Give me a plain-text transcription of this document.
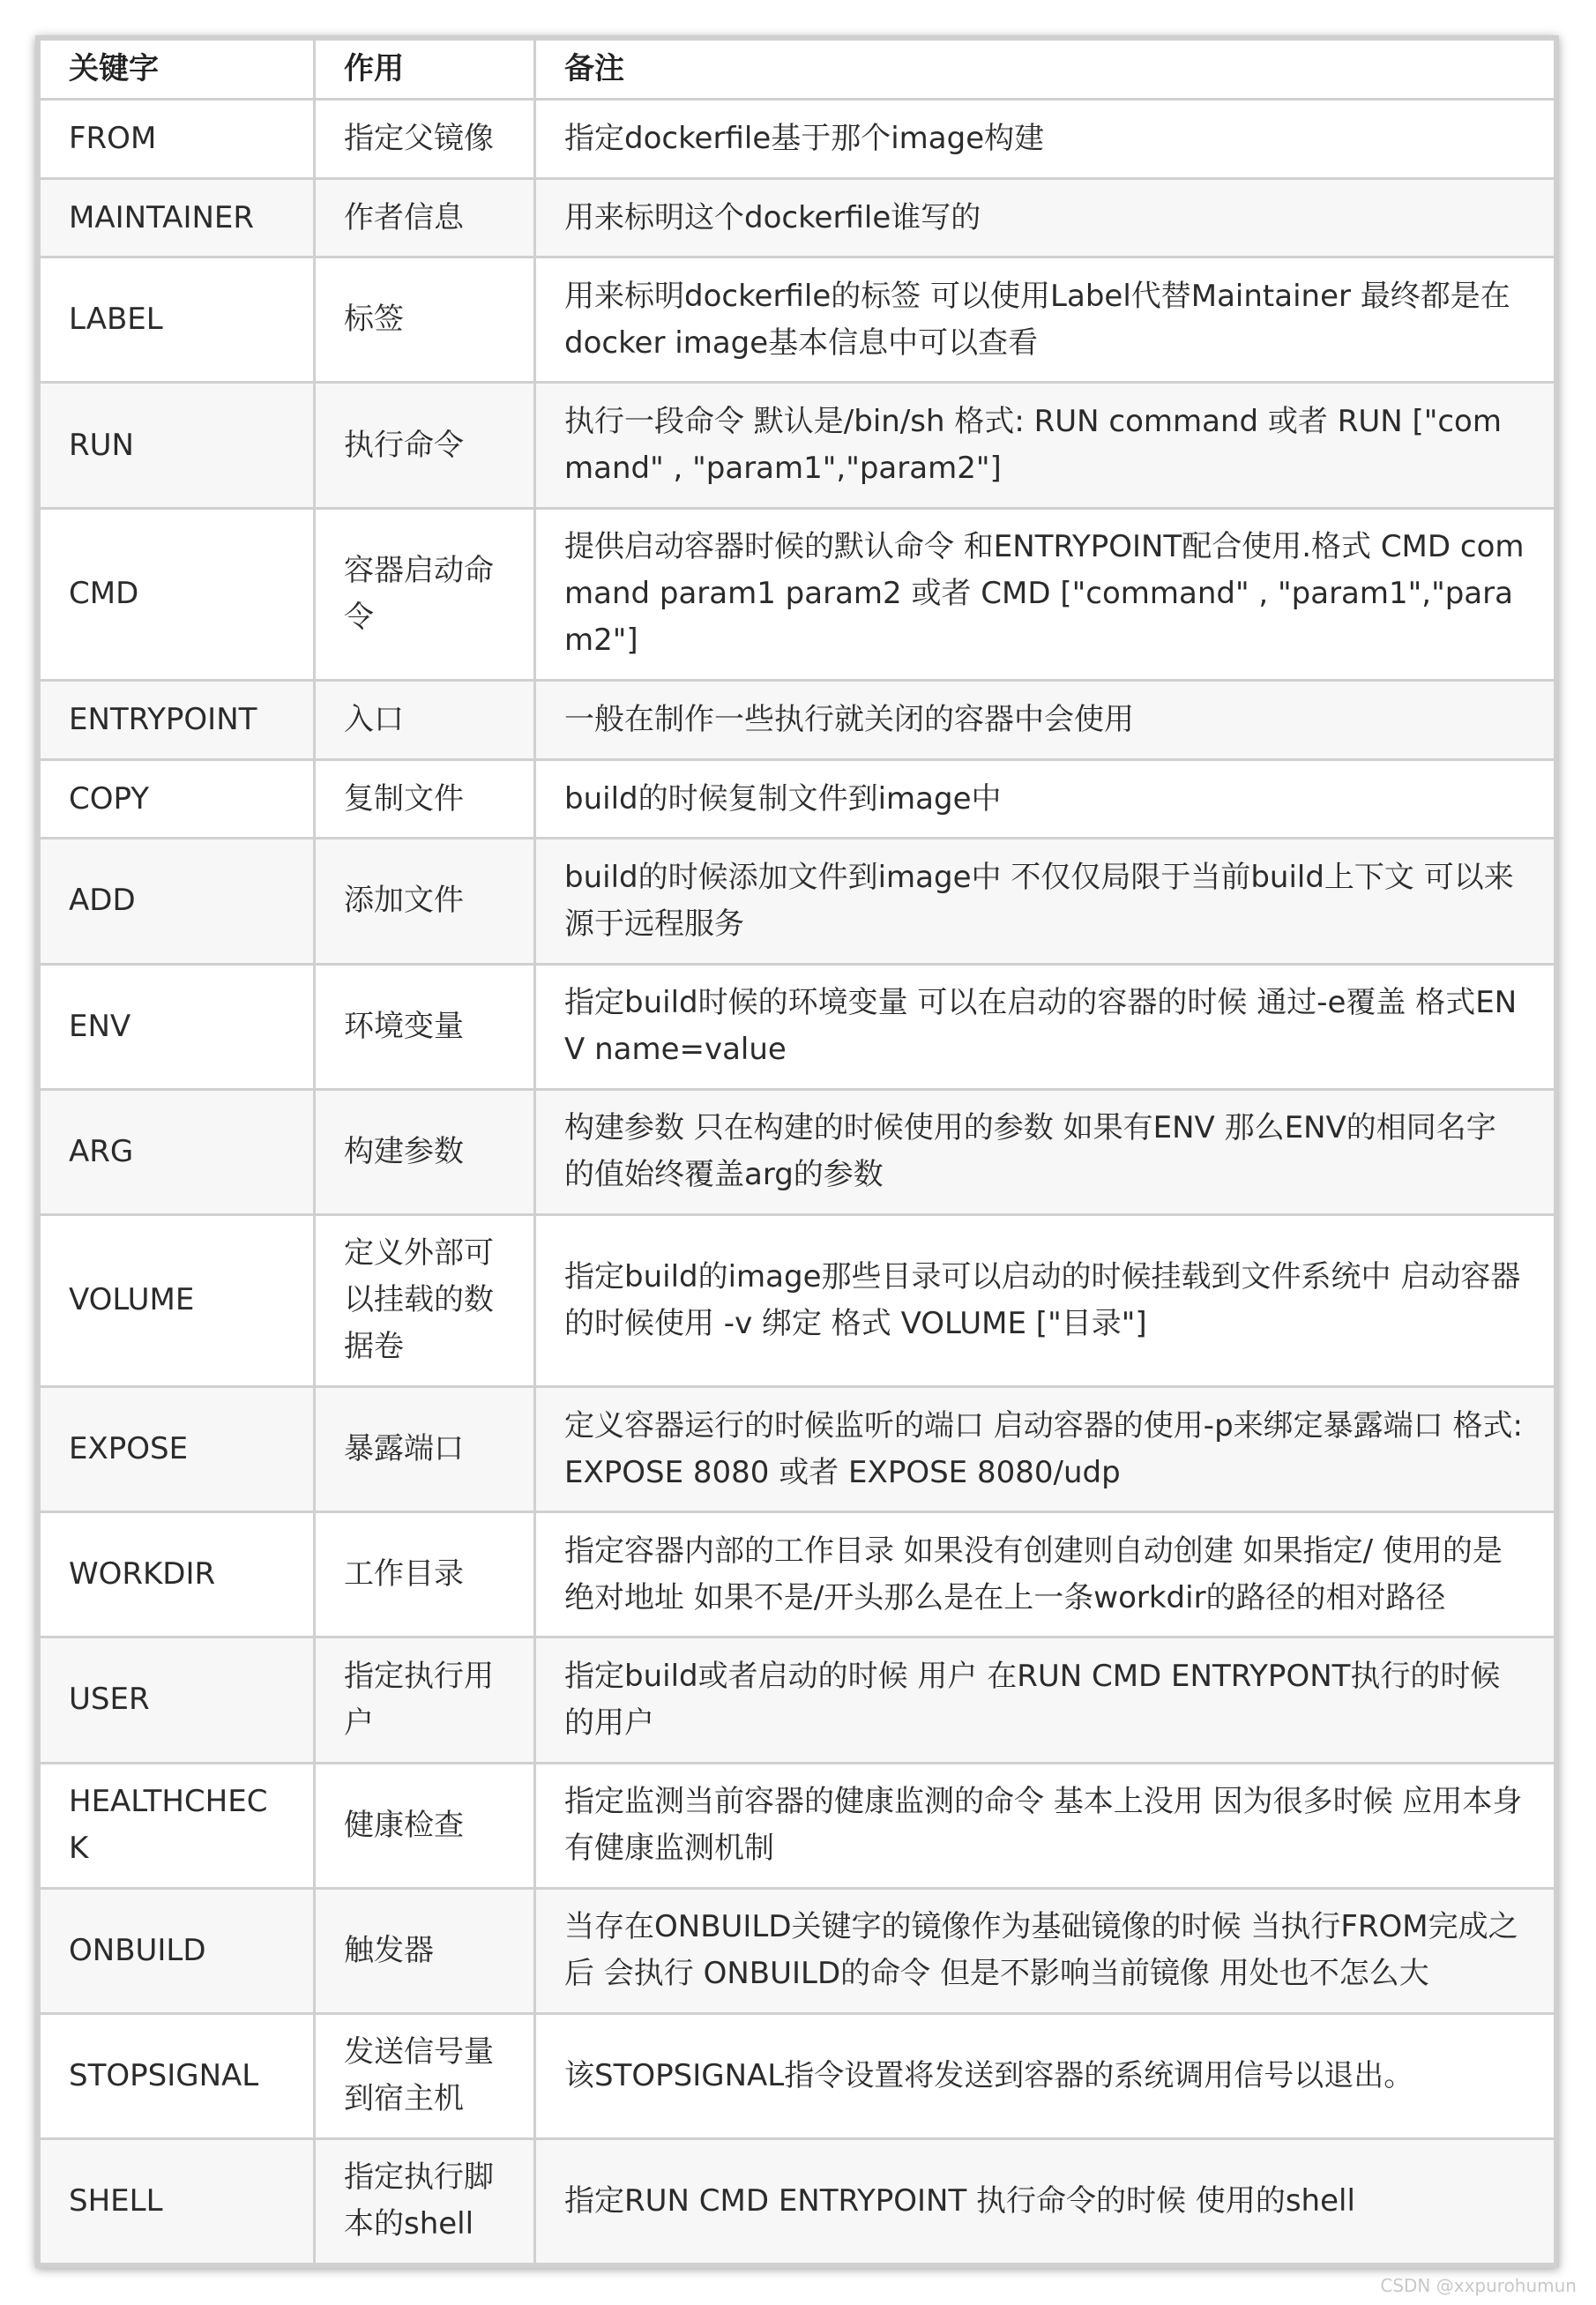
关键字	作用	备注
FROM	指定父镜像	指定dockerfile基于那个image构建
MAINTAINER	作者信息	用来标明这个dockerfile谁写的
LABEL	标签	用来标明dockerfile的标签 可以使用Label代替Maintainer 最终都是在docker image基本信息中可以查看
RUN	执行命令	执行一段命令 默认是/bin/sh 格式: RUN command 或者 RUN ["command" , "param1","param2"]
CMD	容器启动命令	提供启动容器时候的默认命令 和ENTRYPOINT配合使用.格式 CMD command param1 param2 或者 CMD ["command" , "param1","param2"]
ENTRYPOINT	入口	一般在制作一些执行就关闭的容器中会使用
COPY	复制文件	build的时候复制文件到image中
ADD	添加文件	build的时候添加文件到image中 不仅仅局限于当前build上下文 可以来源于远程服务
ENV	环境变量	指定build时候的环境变量 可以在启动的容器的时候 通过-e覆盖 格式ENV name=value
ARG	构建参数	构建参数 只在构建的时候使用的参数 如果有ENV 那么ENV的相同名字的值始终覆盖arg的参数
VOLUME	定义外部可以挂载的数据卷	指定build的image那些目录可以启动的时候挂载到文件系统中 启动容器的时候使用 -v 绑定 格式 VOLUME ["目录"]
EXPOSE	暴露端口	定义容器运行的时候监听的端口 启动容器的使用-p来绑定暴露端口 格式: EXPOSE 8080 或者 EXPOSE 8080/udp
WORKDIR	工作目录	指定容器内部的工作目录 如果没有创建则自动创建 如果指定/ 使用的是绝对地址 如果不是/开头那么是在上一条workdir的路径的相对路径
USER	指定执行用户	指定build或者启动的时候 用户 在RUN CMD ENTRYPONT执行的时候的用户
HEALTHCHECK	健康检查	指定监测当前容器的健康监测的命令 基本上没用 因为很多时候 应用本身有健康监测机制
ONBUILD	触发器	当存在ONBUILD关键字的镜像作为基础镜像的时候 当执行FROM完成之后 会执行 ONBUILD的命令 但是不影响当前镜像 用处也不怎么大
STOPSIGNAL	发送信号量到宿主机	该STOPSIGNAL指令设置将发送到容器的系统调用信号以退出。
SHELL	指定执行脚本的shell	指定RUN CMD ENTRYPOINT 执行命令的时候 使用的shell
CSDN @xxpurohumun
